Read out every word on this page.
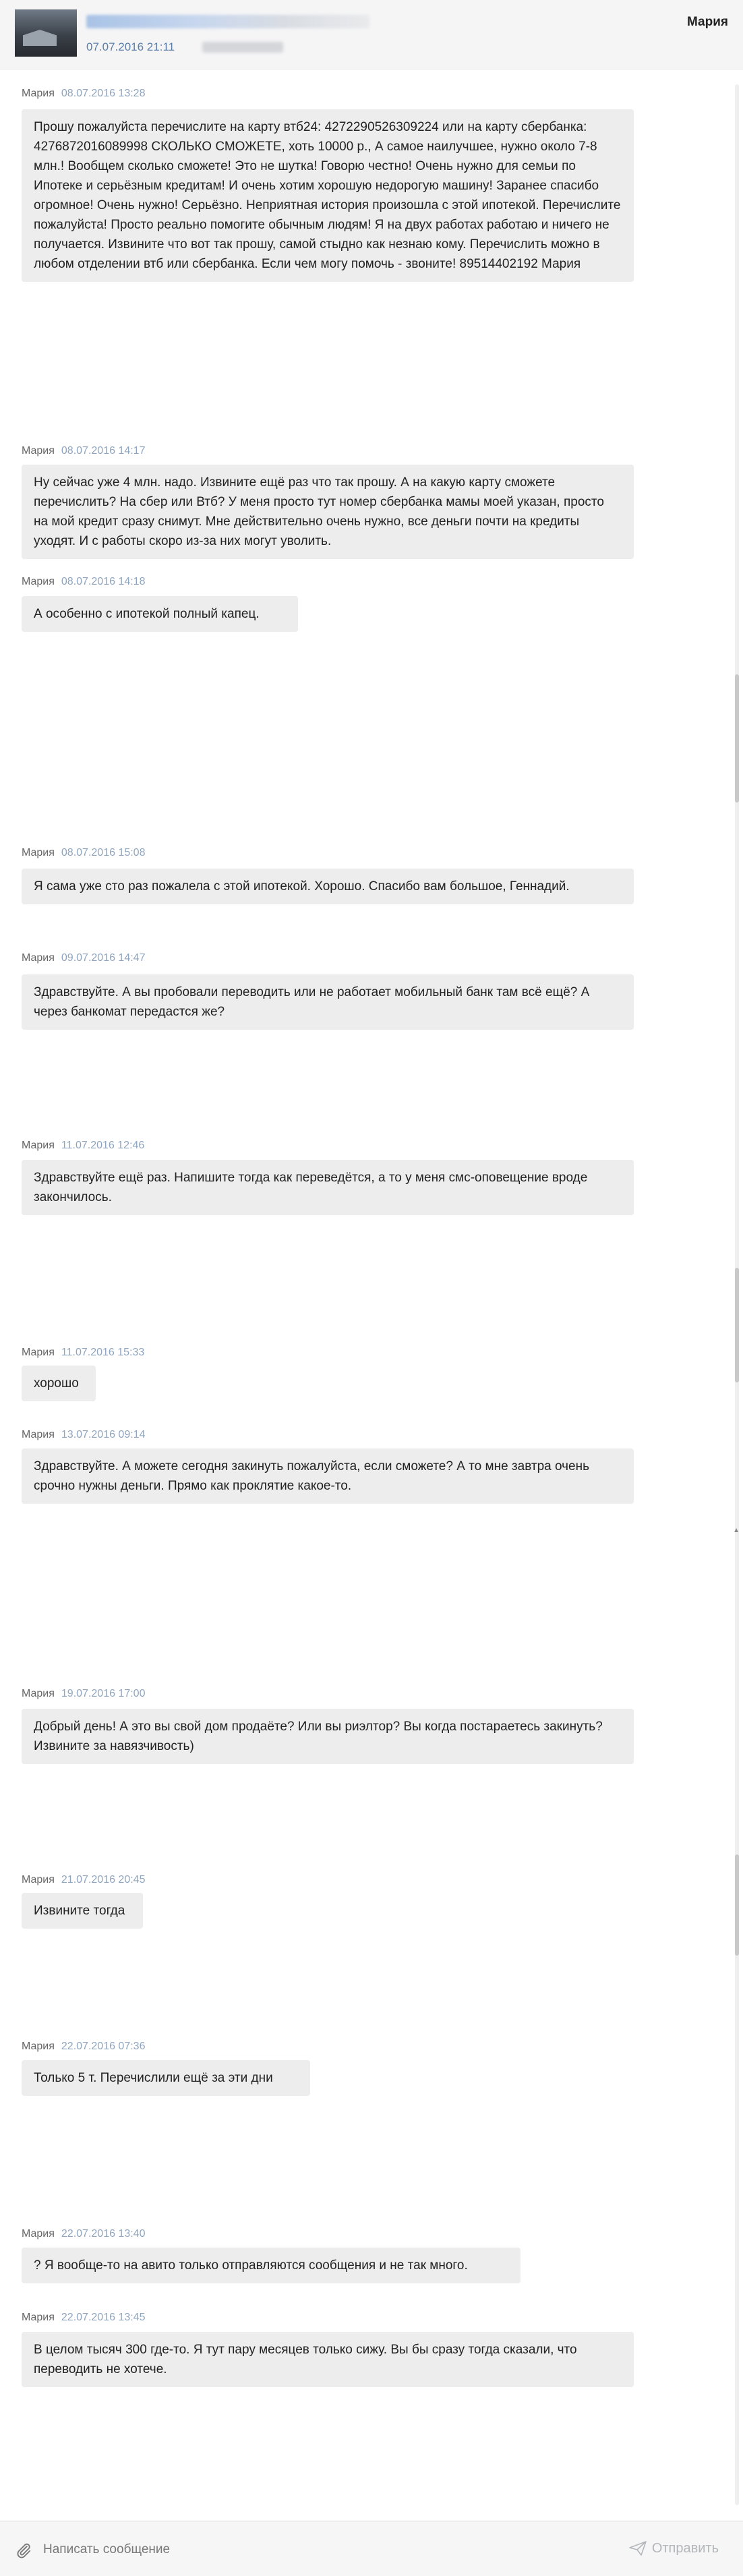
07.07.2016 21:11
Мария
Мария 08.07.2016 13:28
Прошу пожалуйста перечислите на карту втб24: 4272290526309224 или на карту сбербанка: 4276872016089998 СКОЛЬКО СМОЖЕТЕ, хоть 10000 р., А самое наилучшее, нужно около 7-8 млн.! Вообщем сколько сможете! Это не шутка! Говорю честно! Очень нужно для семьи по Ипотеке и серьёзным кредитам! И очень хотим хорошую недорогую машину! Заранее спасибо огромное! Очень нужно! Серьёзно. Неприятная история произошла с этой ипотекой. Перечислите пожалуйста! Просто реально помогите обычным людям! Я на двух работах работаю и ничего не получается. Извините что вот так прошу, самой стыдно как незнаю кому. Перечислить можно в любом отделении втб или сбербанка. Если чем могу помочь - звоните! 89514402192 Мария
Мария 08.07.2016 14:17
Ну сейчас уже 4 млн. надо. Извините ещё раз что так прошу. А на какую карту сможете перечислить? На сбер или Втб? У меня просто тут номер сбербанка мамы моей указан, просто на мой кредит сразу снимут. Мне действительно очень нужно, все деньги почти на кредиты уходят. И с работы скоро из-за них могут уволить.
Мария 08.07.2016 14:18
А особенно с ипотекой полный капец.
Мария 08.07.2016 15:08
Я сама уже сто раз пожалела с этой ипотекой. Хорошо. Спасибо вам большое, Геннадий.
Мария 09.07.2016 14:47
Здравствуйте. А вы пробовали переводить или не работает мобильный банк там всё ещё? А через банкомат передастся же?
Мария 11.07.2016 12:46
Здравствуйте ещё раз. Напишите тогда как переведётся, а то у меня смс-оповещение вроде закончилось.
Мария 11.07.2016 15:33
хорошо
Мария 13.07.2016 09:14
Здравствуйте. А можете сегодня закинуть пожалуйста, если сможете? А то мне завтра очень срочно нужны деньги. Прямо как проклятие какое-то.
Мария 19.07.2016 17:00
Добрый день! А это вы свой дом продаёте? Или вы риэлтор? Вы когда постараетесь закинуть? Извините за навязчивость)
Мария 21.07.2016 20:45
Извините тогда
Мария 22.07.2016 07:36
Только 5 т. Перечислили ещё за эти дни
Мария 22.07.2016 13:40
? Я вообще-то на авито только отправляются сообщения и не так много.
Мария 22.07.2016 13:45
В целом тысяч 300 где-то. Я тут пару месяцев только сижу. Вы бы сразу тогда сказали, что переводить не хотече.
▲
Написать сообщение
Отправить
